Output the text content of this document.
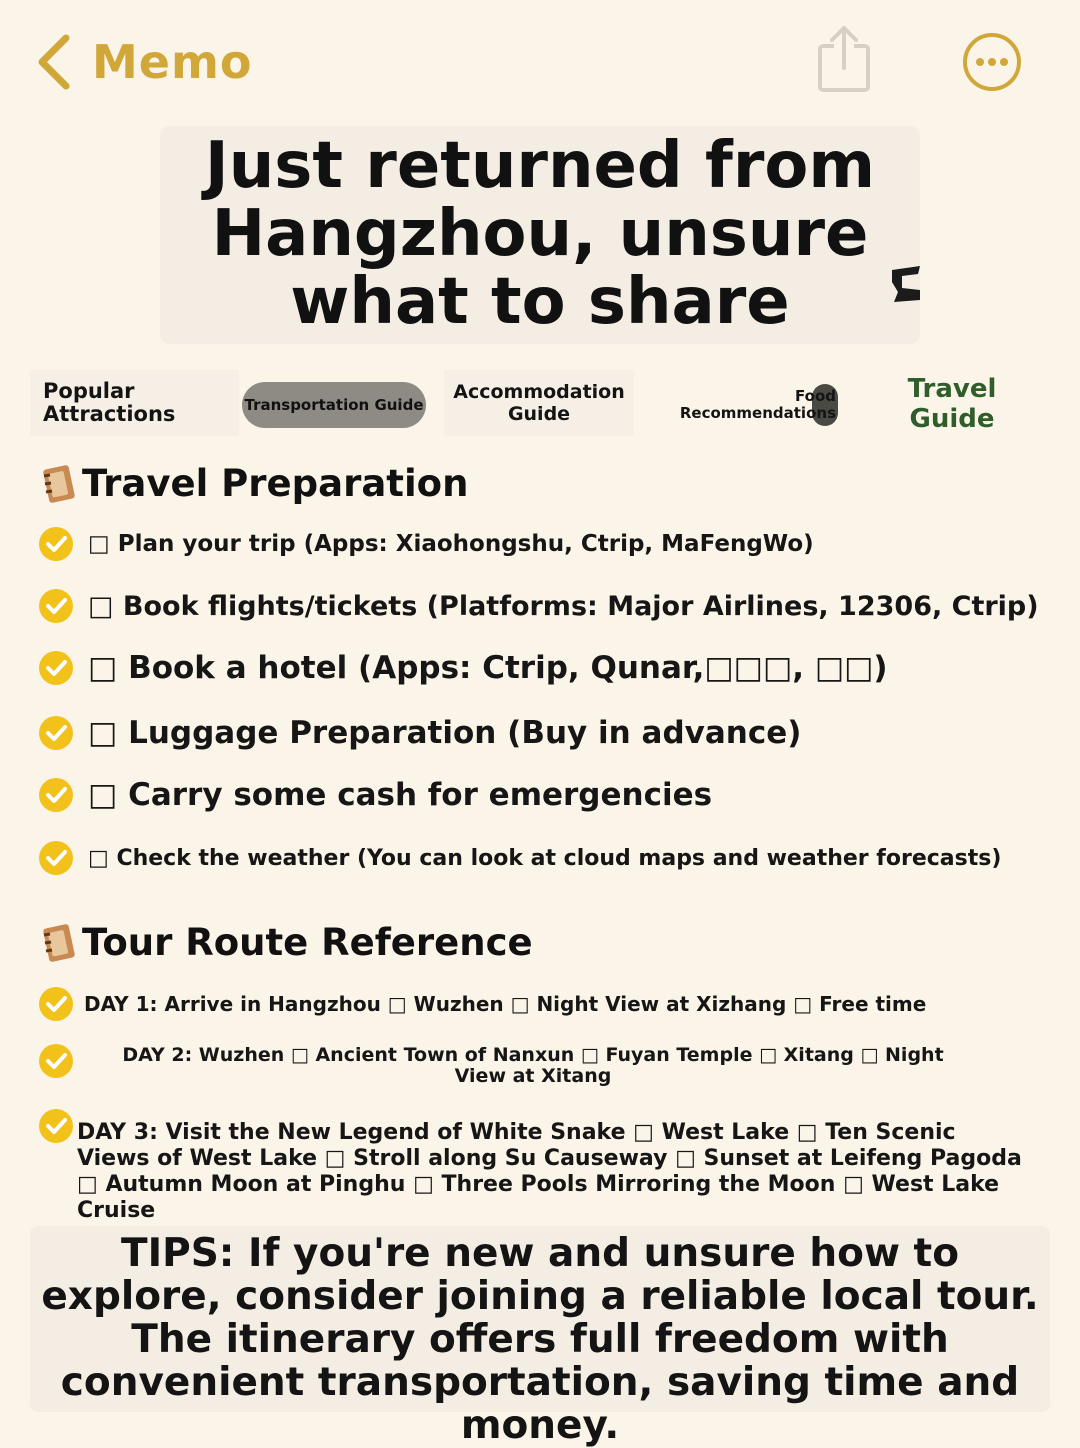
Memo
Just returned from Hangzhou, unsure what to share
Popular Attractions	Transportation Guide
Accommodation Guide
Food Recommendations
Travel Guide
Travel Preparation
□ Plan your trip (Apps: Xiaohongshu, Ctrip, MaFengWo)
□ Book flights/tickets (Platforms: Major Airlines, 12306, Ctrip)
□ Book a hotel (Apps: Ctrip, Qunar,□□□, □□)
□ Luggage Preparation (Buy in advance)
□ Carry some cash for emergencies
□ Check the weather (You can look at cloud maps and weather forecasts)
Tour Route Reference
DAY 1: Arrive in Hangzhou □ Wuzhen □ Night View at Xizhang □ Free time
DAY 2: Wuzhen □ Ancient Town of Nanxun □ Fuyan Temple □ Xitang □ Night View at Xitang
DAY 3: Visit the New Legend of White Snake □ West Lake □ Ten Scenic Views of West Lake □ Stroll along Su Causeway □ Sunset at Leifeng Pagoda □ Autumn Moon at Pinghu □ Three Pools Mirroring the Moon □ West Lake Cruise

TIPS: If you're new and unsure how to explore, consider joining a reliable local tour. The itinerary offers full freedom with convenient transportation, saving time and money.
